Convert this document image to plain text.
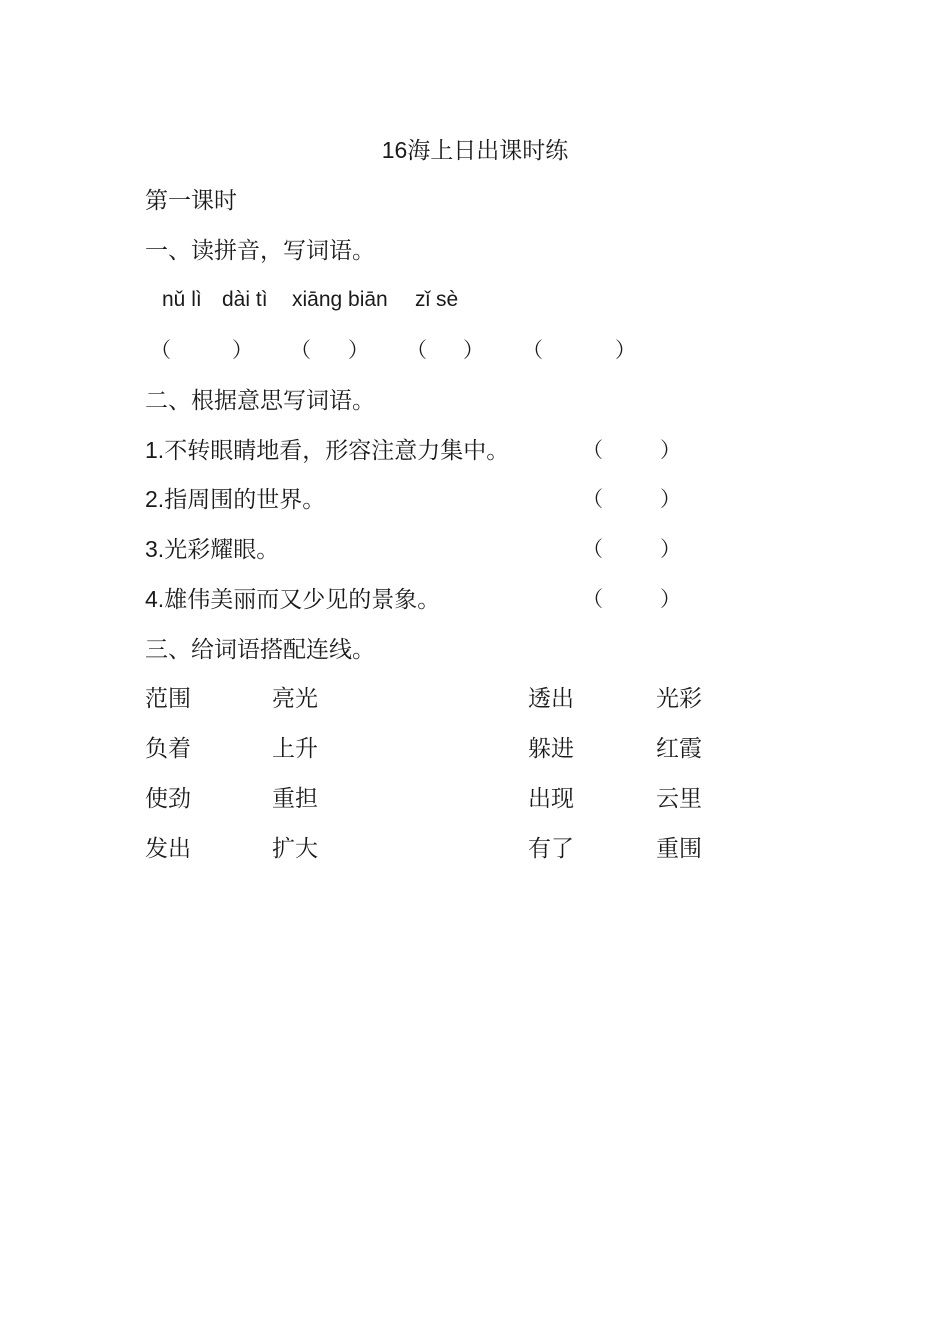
16海上日出课时练
第一课时
一、读拼音，写词语。
nǔ lì dài tì xiāng biān zǐ sè
（	） （ ） （ ） （	）
二、根据意思写词语。
1.不转眼睛地看，形容注意力集中。	（	）
2.指周围的世界。	（	）
3.光彩耀眼。	（	）
4.雄伟美丽而又少见的景象。	（	）
三、给词语搭配连线。
范围	亮光	透出	光彩
负着	上升	躲进	红霞
使劲	重担	出现	云里
发出	扩大	有了	重围
